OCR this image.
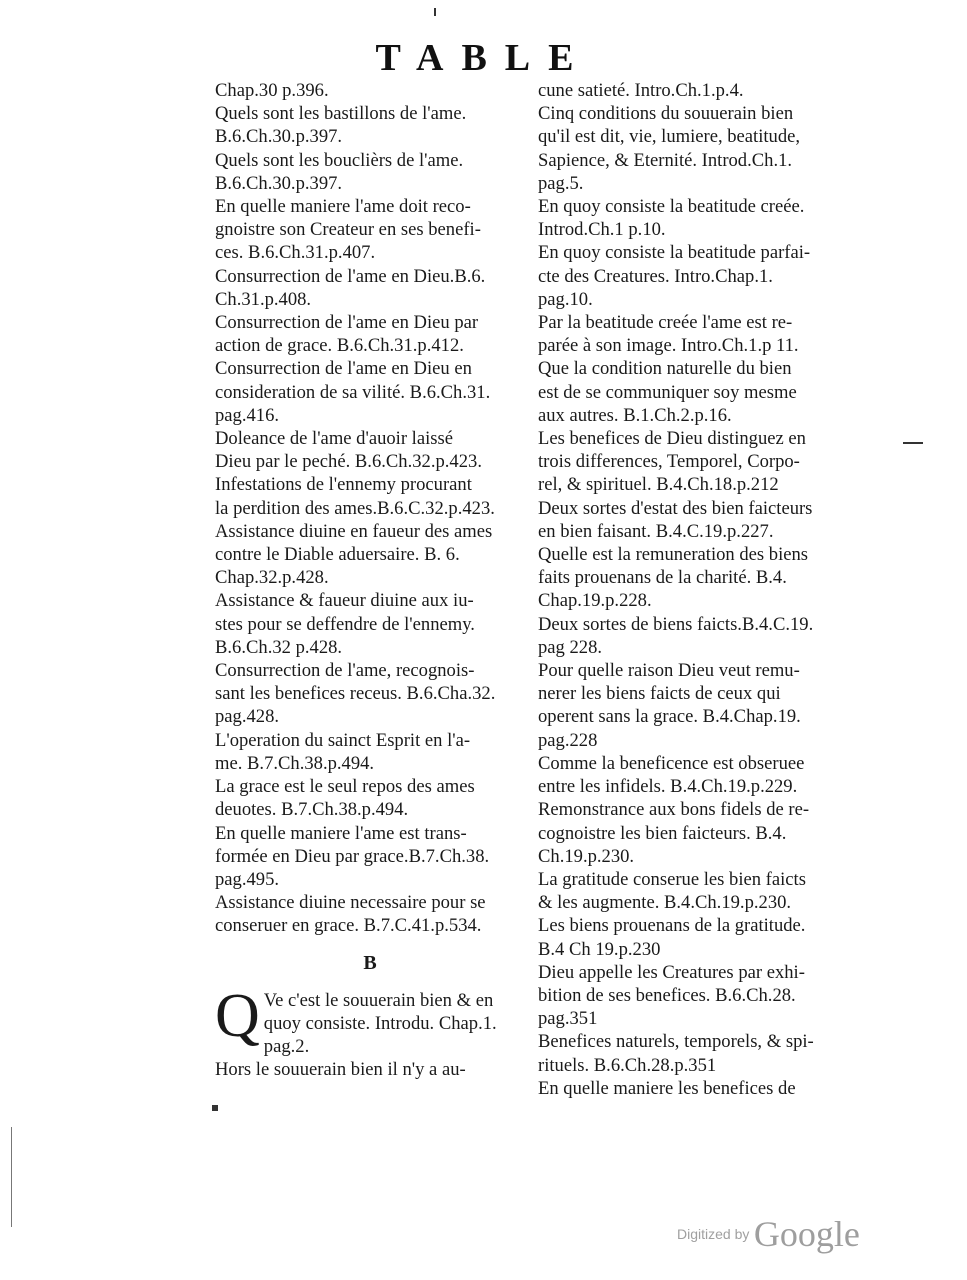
TABLE
Chap.30 p.396.
Quels sont les bastillons de l'ame.
B.6.Ch.30.p.397.
Quels sont les bouclièrs de l'ame.
B.6.Ch.30.p.397.
En quelle maniere l'ame doit reco-
gnoistre son Createur en ses benefi-
ces. B.6.Ch.31.p.407.
Consurrection de l'ame en Dieu.B.6.
Ch.31.p.408.
Consurrection de l'ame en Dieu par
action de grace. B.6.Ch.31.p.412.
Consurrection de l'ame en Dieu en
consideration de sa vilité. B.6.Ch.31.
pag.416.
Doleance de l'ame d'auoir laissé
Dieu par le peché. B.6.Ch.32.p.423.
Infestations de l'ennemy procurant
la perdition des ames.B.6.C.32.p.423.
Assistance diuine en faueur des ames
contre le Diable aduersaire. B. 6.
Chap.32.p.428.
Assistance & faueur diuine aux iu-
stes pour se deffendre de l'ennemy.
B.6.Ch.32 p.428.
Consurrection de l'ame, recognois-
sant les benefices receus. B.6.Cha.32.
pag.428.
L'operation du sainct Esprit en l'a-
me. B.7.Ch.38.p.494.
La grace est le seul repos des ames
deuotes. B.7.Ch.38.p.494.
En quelle maniere l'ame est trans-
formée en Dieu par grace.B.7.Ch.38.
pag.495.
Assistance diuine necessaire pour se
conseruer en grace. B.7.C.41.p.534.
B
Q Ve c'est le souuerain bien & en
quoy consiste. Introdu. Chap.1.
pag.2.
Hors le souuerain bien il n'y a au-
cune satieté. Intro.Ch.1.p.4.
Cinq conditions du souuerain bien
qu'il est dit, vie, lumiere, beatitude,
Sapience, & Eternité. Introd.Ch.1.
pag.5.
En quoy consiste la beatitude creée.
Introd.Ch.1 p.10.
En quoy consiste la beatitude parfai-
cte des Creatures. Intro.Chap.1.
pag.10.
Par la beatitude creée l'ame est re-
parée à son image. Intro.Ch.1.p 11.
Que la condition naturelle du bien
est de se communiquer soy mesme
aux autres. B.1.Ch.2.p.16.
Les benefices de Dieu distinguez en
trois differences, Temporel, Corpo-
rel, & spirituel. B.4.Ch.18.p.212
Deux sortes d'estat des bien faicteurs
en bien faisant. B.4.C.19.p.227.
Quelle est la remuneration des biens
faits prouenans de la charité. B.4.
Chap.19.p.228.
Deux sortes de biens faicts.B.4.C.19.
pag 228.
Pour quelle raison Dieu veut remu-
nerer les biens faicts de ceux qui
operent sans la grace. B.4.Chap.19.
pag.228
Comme la beneficence est obseruee
entre les infidels. B.4.Ch.19.p.229.
Remonstrance aux bons fidels de re-
cognoistre les bien faicteurs. B.4.
Ch.19.p.230.
La gratitude conserue les bien faicts
& les augmente. B.4.Ch.19.p.230.
Les biens prouenans de la gratitude.
B.4 Ch 19.p.230
Dieu appelle les Creatures par exhi-
bition de ses benefices. B.6.Ch.28.
pag.351
Benefices naturels, temporels, & spi-
rituels. B.6.Ch.28.p.351
En quelle maniere les benefices de
Digitized by Google
